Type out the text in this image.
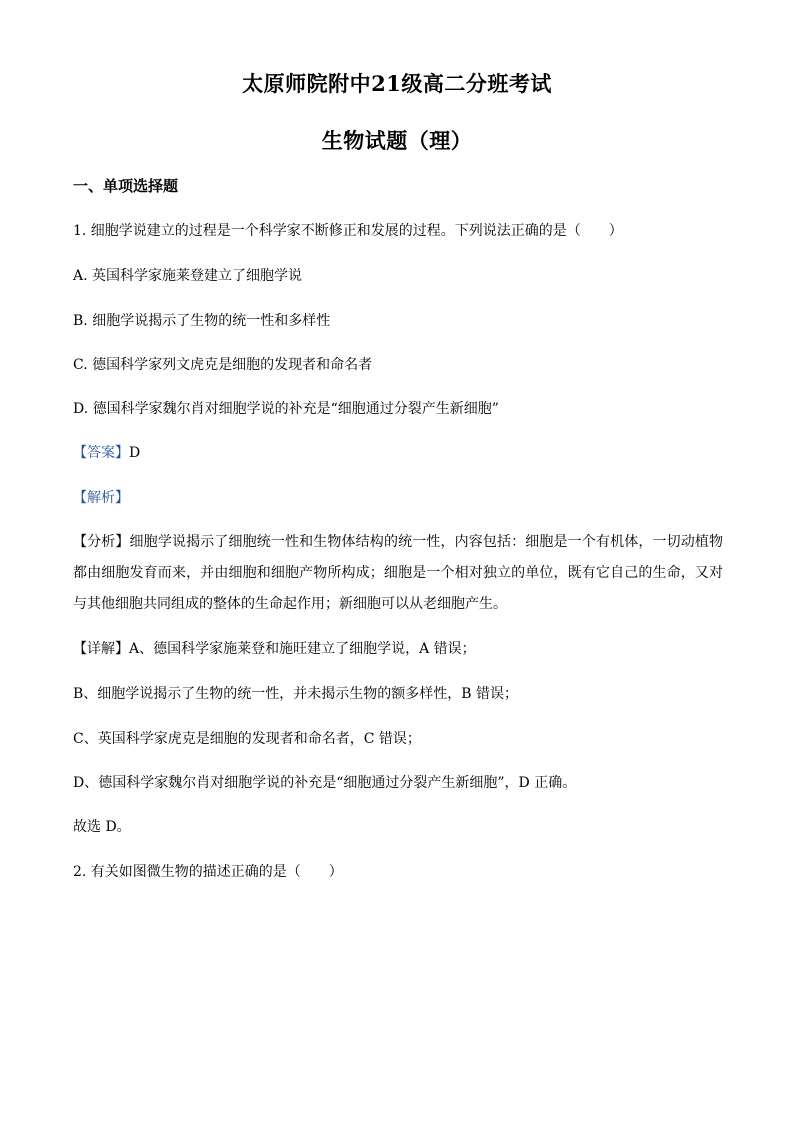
太原师院附中21级高二分班考试
生物试题（理）
一、单项选择题
1. 细胞学说建立的过程是一个科学家不断修正和发展的过程。下列说法正确的是（　　）
A. 英国科学家施莱登建立了细胞学说
B. 细胞学说揭示了生物的统一性和多样性
C. 德国科学家列文虎克是细胞的发现者和命名者
D. 德国科学家魏尔肖对细胞学说的补充是“细胞通过分裂产生新细胞”
【答案】D
【解析】
【分析】细胞学说揭示了细胞统一性和生物体结构的统一性，内容包括：细胞是一个有机体，一切动植物都由细胞发育而来，并由细胞和细胞产物所构成；细胞是一个相对独立的单位，既有它自己的生命，又对与其他细胞共同组成的整体的生命起作用；新细胞可以从老细胞产生。
【详解】A、德国科学家施莱登和施旺建立了细胞学说，A 错误；
B、细胞学说揭示了生物的统一性，并未揭示生物的额多样性，B 错误；
C、英国科学家虎克是细胞的发现者和命名者，C 错误；
D、德国科学家魏尔肖对细胞学说的补充是“细胞通过分裂产生新细胞”，D 正确。
故选 D。
2. 有关如图微生物的描述正确的是（　　）
